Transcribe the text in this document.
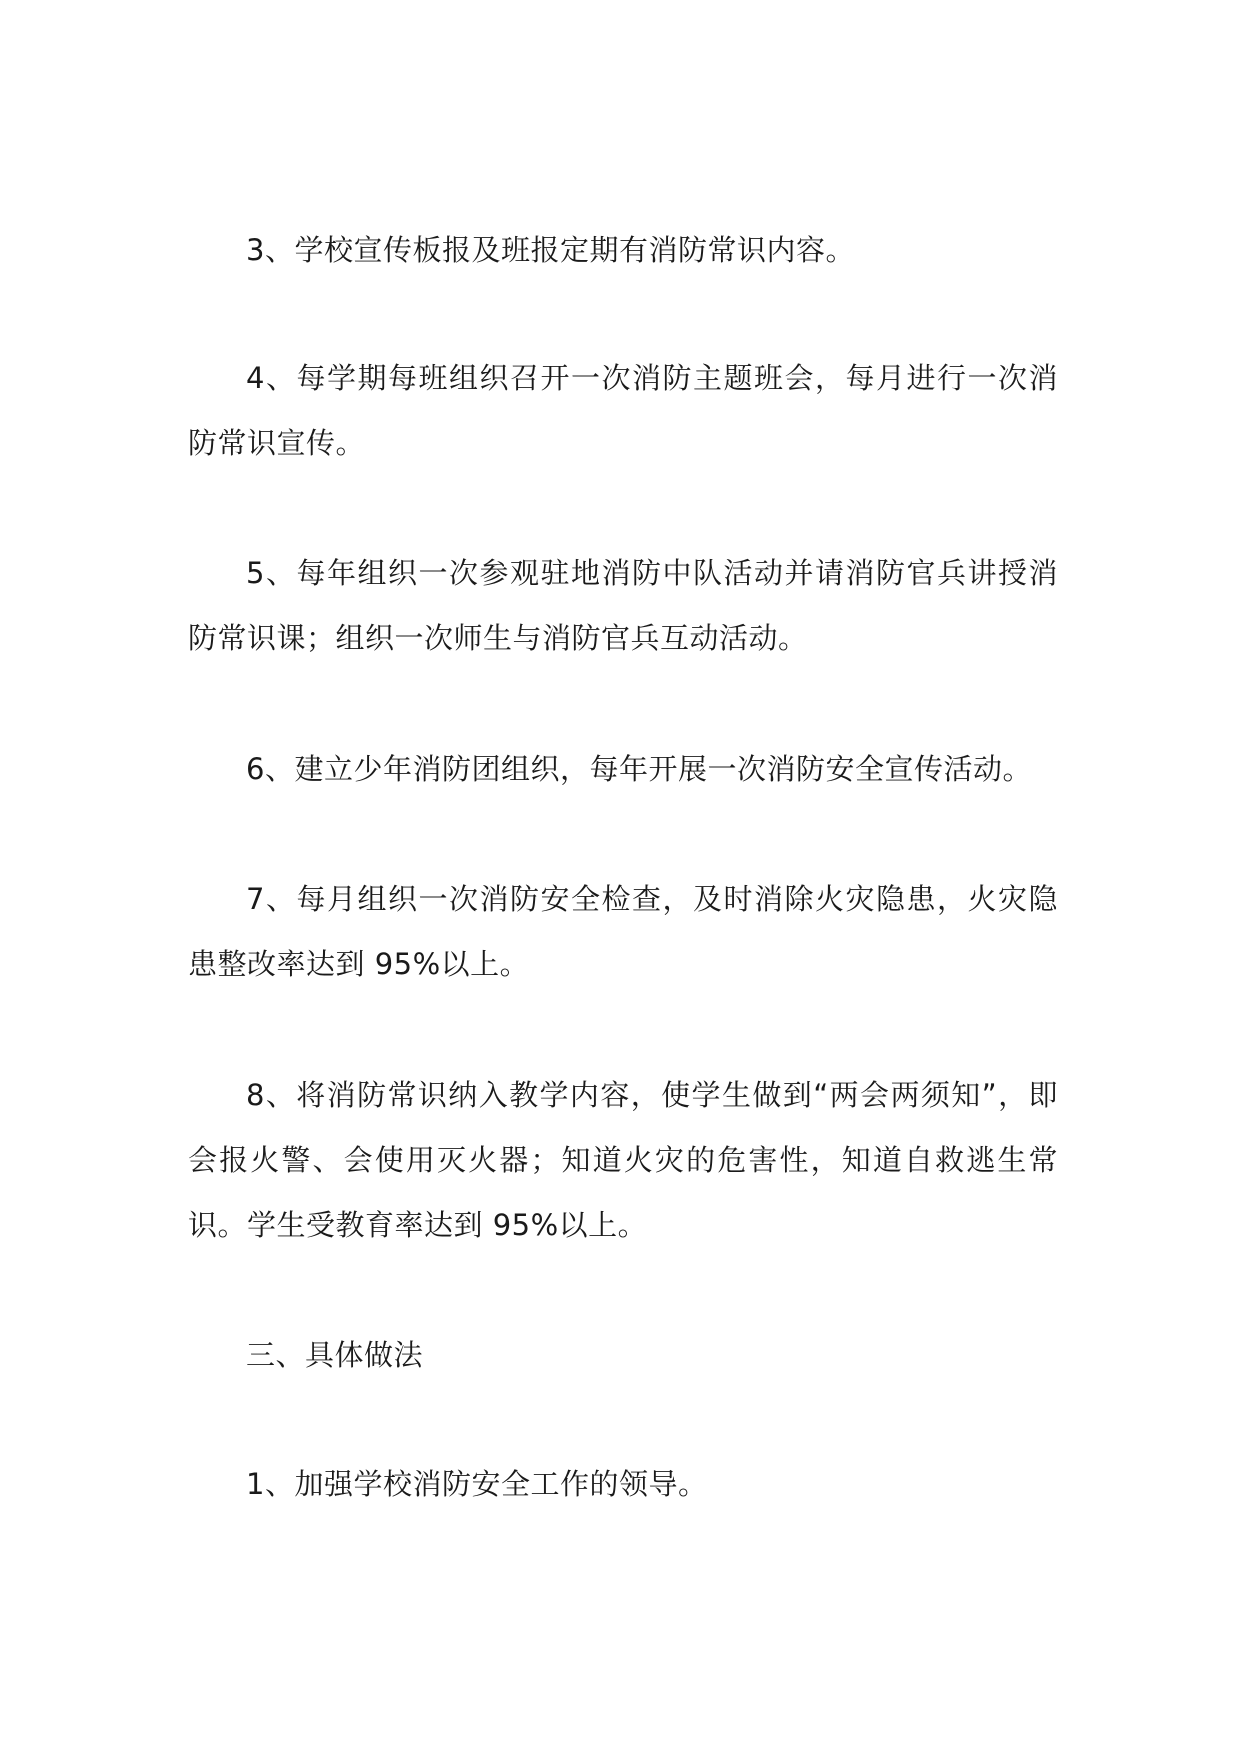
3、学校宣传板报及班报定期有消防常识内容。

4、每学期每班组织召开一次消防主题班会，每月进行一次消防常识宣传。

5、每年组织一次参观驻地消防中队活动并请消防官兵讲授消防常识课；组织一次师生与消防官兵互动活动。

6、建立少年消防团组织，每年开展一次消防安全宣传活动。

7、每月组织一次消防安全检查，及时消除火灾隐患，火灾隐患整改率达到 95%以上。

8、将消防常识纳入教学内容，使学生做到“两会两须知”，即会报火警、会使用灭火器；知道火灾的危害性，知道自救逃生常识。学生受教育率达到 95%以上。

三、具体做法

1、加强学校消防安全工作的领导。
